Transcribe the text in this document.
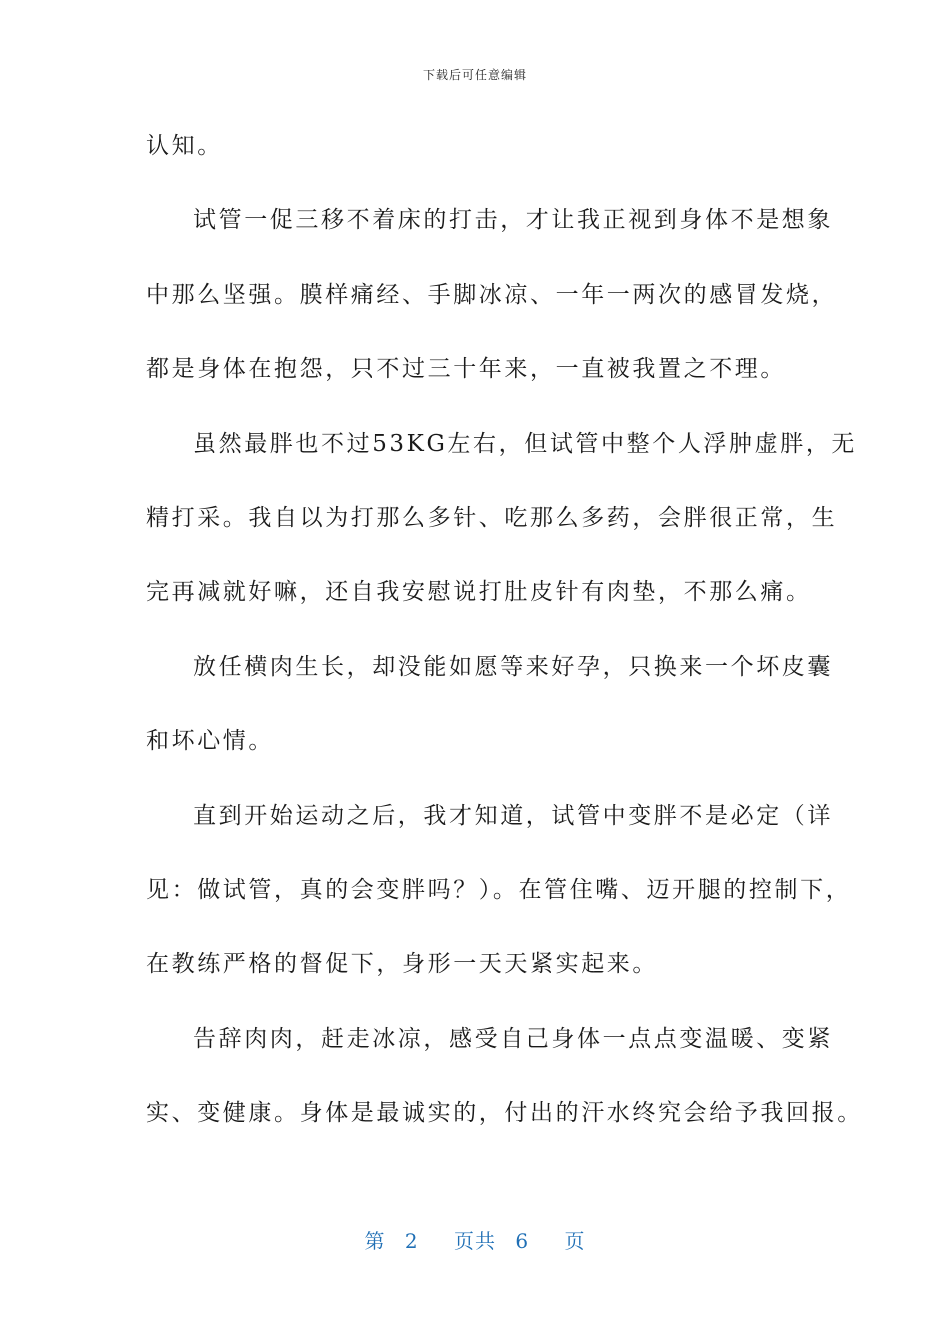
下载后可任意编辑
认知。
试管一促三移不着床的打击，才让我正视到身体不是想象
中那么坚强。膜样痛经、手脚冰凉、一年一两次的感冒发烧，
都是身体在抱怨，只不过三十年来，一直被我置之不理。
虽然最胖也不过53KG左右，但试管中整个人浮肿虚胖，无
精打采。我自以为打那么多针、吃那么多药，会胖很正常，生
完再减就好嘛，还自我安慰说打肚皮针有肉垫，不那么痛。
放任横肉生长，却没能如愿等来好孕，只换来一个坏皮囊
和坏心情。
直到开始运动之后，我才知道，试管中变胖不是必定（详
见：做试管，真的会变胖吗？）。在管住嘴、迈开腿的控制下，
在教练严格的督促下，身形一天天紧实起来。
告辞肉肉，赶走冰凉，感受自己身体一点点变温暖、变紧
实、变健康。身体是最诚实的，付出的汗水终究会给予我回报。
第 2 页共 6 页
